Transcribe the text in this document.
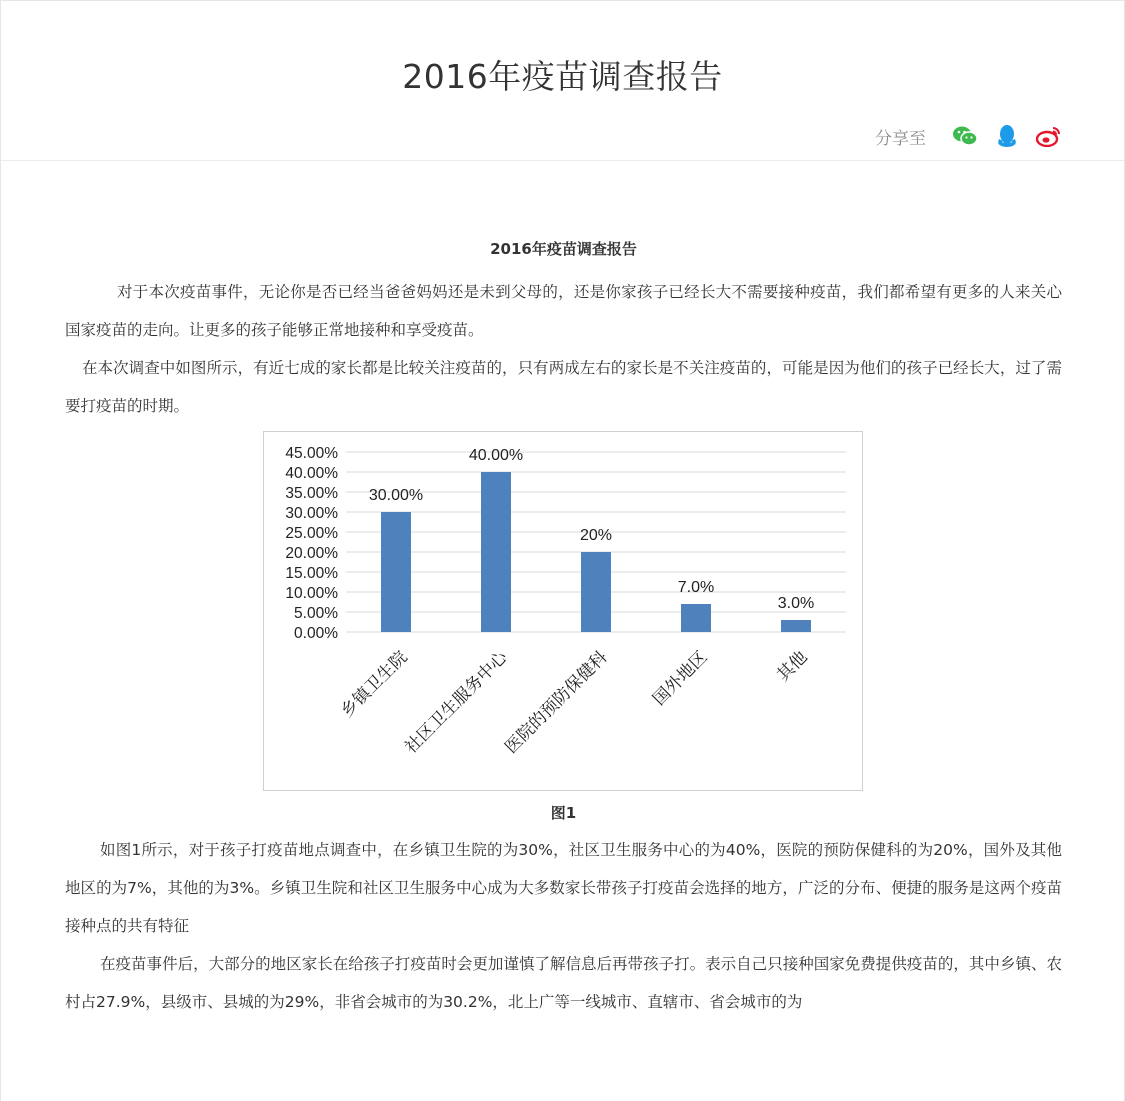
2016年疫苗调查报告
分享至
2016年疫苗调查报告

对于本次疫苗事件，无论你是否已经当爸爸妈妈还是未到父母的，还是你家孩子已经长大不需要接种疫苗，我们都希望有更多的人来关心国家疫苗的走向。让更多的孩子能够正常地接种和享受疫苗。

在本次调查中如图所示，有近七成的家长都是比较关注疫苗的，只有两成左右的家长是不关注疫苗的，可能是因为他们的孩子已经长大，过了需要打疫苗的时期。

0.00%
5.00%
10.00%
15.00%
20.00%
25.00%
30.00%
35.00%
40.00%
45.00%
30.00%
乡镇卫生院
40.00%
社区卫生服务中心
20%
医院的预防保健科
7.0%
国外地区
3.0%
其他
图1

如图1所示，对于孩子打疫苗地点调查中，在乡镇卫生院的为30%，社区卫生服务中心的为40%，医院的预防保健科的为20%，国外及其他地区的为7%，其他的为3%。乡镇卫生院和社区卫生服务中心成为大多数家长带孩子打疫苗会选择的地方，广泛的分布、便捷的服务是这两个疫苗接种点的共有特征

在疫苗事件后，大部分的地区家长在给孩子打疫苗时会更加谨慎了解信息后再带孩子打。表示自己只接种国家免费提供疫苗的，其中乡镇、农村占27.9%，县级市、县城的为29%，非省会城市的为30.2%，北上广等一线城市、直辖市、省会城市的为
